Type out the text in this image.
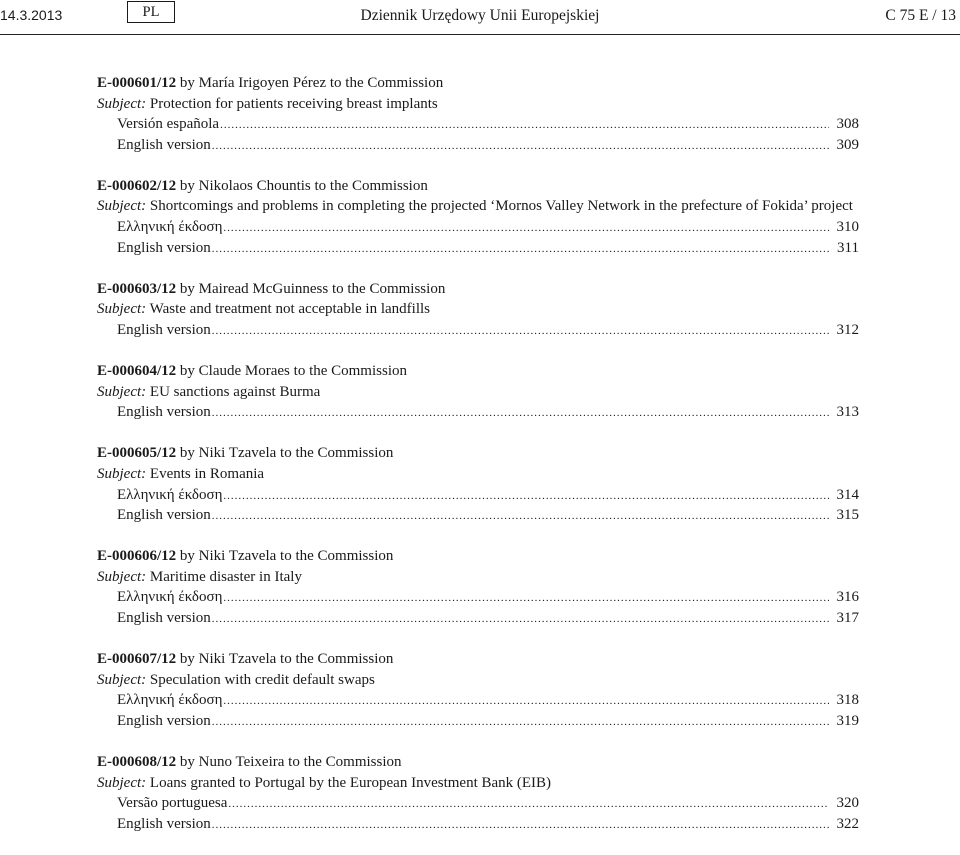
14.3.2013	PL	Dziennik Urzędowy Unii Europejskiej	C 75 E / 13
E-000601/12 by María Irigoyen Pérez to the Commission
Subject: Protection for patients receiving breast implants
Versión española .....	308
English version .....	309
E-000602/12 by Nikolaos Chountis to the Commission
Subject: Shortcomings and problems in completing the projected ‘Mornos Valley Network in the prefecture of Fokida’ project
Ελληνική έκδοση .....	310
English version .....	311
E-000603/12 by Mairead McGuinness to the Commission
Subject: Waste and treatment not acceptable in landfills
English version .....	312
E-000604/12 by Claude Moraes to the Commission
Subject: EU sanctions against Burma
English version .....	313
E-000605/12 by Niki Tzavela to the Commission
Subject: Events in Romania
Ελληνική έκδοση .....	314
English version .....	315
E-000606/12 by Niki Tzavela to the Commission
Subject: Maritime disaster in Italy
Ελληνική έκδοση .....	316
English version .....	317
E-000607/12 by Niki Tzavela to the Commission
Subject: Speculation with credit default swaps
Ελληνική έκδοση .....	318
English version .....	319
E-000608/12 by Nuno Teixeira to the Commission
Subject: Loans granted to Portugal by the European Investment Bank (EIB)
Versão portuguesa .....	320
English version .....	322
